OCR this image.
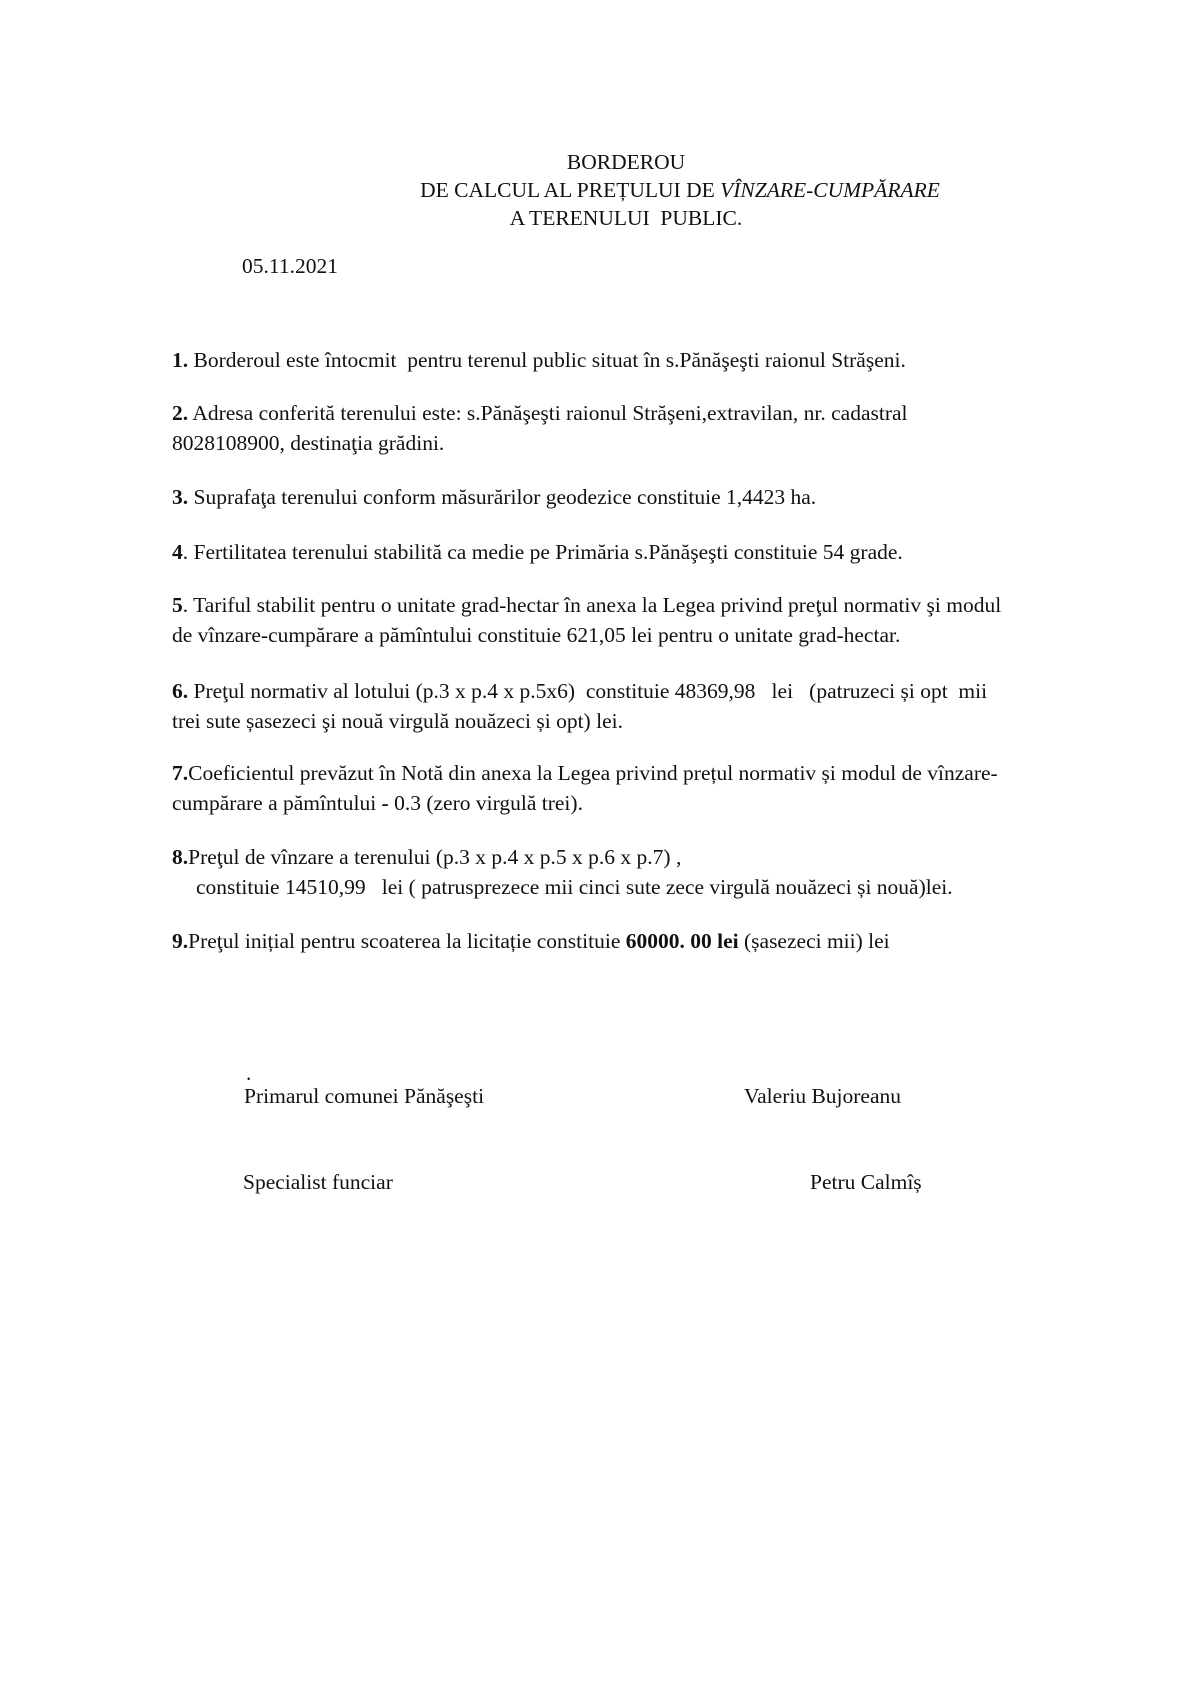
BORDEROU
DE CALCUL AL PREȚULUI DE VÎNZARE-CUMPĂRARE
A TERENULUI  PUBLIC.
05.11.2021
1. Borderoul este întocmit  pentru terenul public situat în s.Pănăşeşti raionul Străşeni.
2. Adresa conferită terenului este: s.Pănăşeşti raionul Străşeni,extravilan, nr. cadastral
8028108900, destinaţia grădini.
3. Suprafaţa terenului conform măsurărilor geodezice constituie 1,4423 ha.
4. Fertilitatea terenului stabilită ca medie pe Primăria s.Pănăşeşti constituie 54 grade.
5. Tariful stabilit pentru o unitate grad-hectar în anexa la Legea privind preţul normativ şi modul
de vînzare-cumpărare a pămîntului constituie 621,05 lei pentru o unitate grad-hectar.
6. Preţul normativ al lotului (p.3 x p.4 x p.5x6)  constituie 48369,98   lei   (patruzeci și opt  mii
trei sute șasezeci şi nouă virgulă nouăzeci și opt) lei.
7.Coeficientul prevăzut în Notă din anexa la Legea privind prețul normativ și modul de vînzare-
cumpărare a pămîntului - 0.3 (zero virgulă trei).
8.Preţul de vînzare a terenului (p.3 x p.4 x p.5 x p.6 x p.7) ,
constituie 14510,99   lei ( patrusprezece mii cinci sute zece virgulă nouăzeci și nouă)lei.
9.Preţul inițial pentru scoaterea la licitație constituie 60000. 00 lei (șasezeci mii) lei
.
Primarul comunei Pănăşeşti	Valeriu Bujoreanu
Specialist funciar	Petru Calmîș
